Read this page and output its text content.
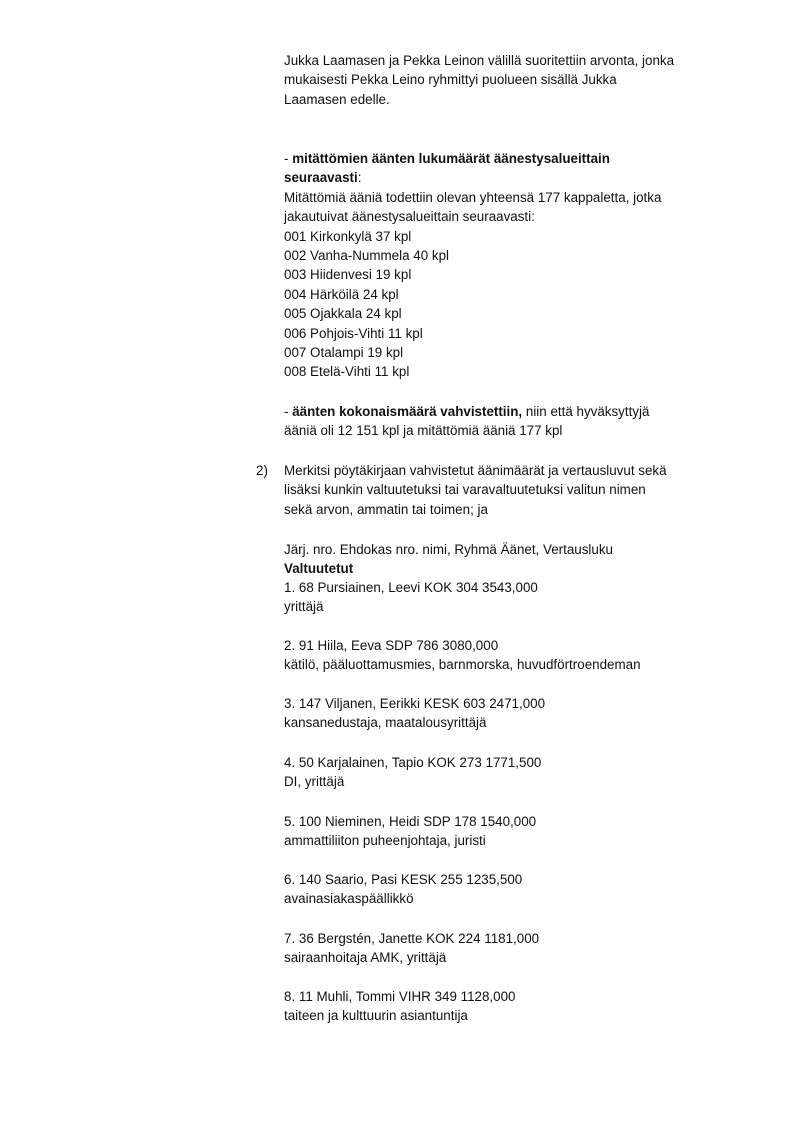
Jukka Laamasen ja Pekka Leinon välillä suoritettiin arvonta, jonka
mukaisesti Pekka Leino ryhmittyi puolueen sisällä Jukka
Laamasen edelle.
- mitättömien äänten lukumäärät äänestysalueittain
seuraavasti:
Mitättömiä ääniä todettiin olevan yhteensä 177 kappaletta, jotka
jakautuivat äänestysalueittain seuraavasti:
001 Kirkonkylä 37 kpl
002 Vanha-Nummela 40 kpl
003 Hiidenvesi 19 kpl
004 Härköilä 24 kpl
005 Ojakkala 24 kpl
006 Pohjois-Vihti 11 kpl
007 Otalampi 19 kpl
008 Etelä-Vihti 11 kpl
- äänten kokonaismäärä vahvistettiin, niin että hyväksyttyjä
ääniä oli 12 151 kpl ja mitättömiä ääniä 177 kpl
2) Merkitsi pöytäkirjaan vahvistetut äänimäärät ja vertausluvut sekä
lisäksi kunkin valtuutetuksi tai varavaltuutetuksi valitun nimen
sekä arvon, ammatin tai toimen; ja
Järj. nro. Ehdokas nro. nimi, Ryhmä Äänet, Vertausluku
Valtuutetut
1. 68 Pursiainen, Leevi KOK 304 3543,000
yrittäjä
2. 91 Hiila, Eeva SDP 786 3080,000
kätilö, pääluottamusmies, barnmorska, huvudförtroendeman
3. 147 Viljanen, Eerikki KESK 603 2471,000
kansanedustaja, maatalousyrittäjä
4. 50 Karjalainen, Tapio KOK 273 1771,500
DI, yrittäjä
5. 100 Nieminen, Heidi SDP 178 1540,000
ammattiliiton puheenjohtaja, juristi
6. 140 Saario, Pasi KESK 255 1235,500
avainasiakaspäällikkö
7. 36 Bergstén, Janette KOK 224 1181,000
sairaanhoitaja AMK, yrittäjä
8. 11 Muhli, Tommi VIHR 349 1128,000
taiteen ja kulttuurin asiantuntija
